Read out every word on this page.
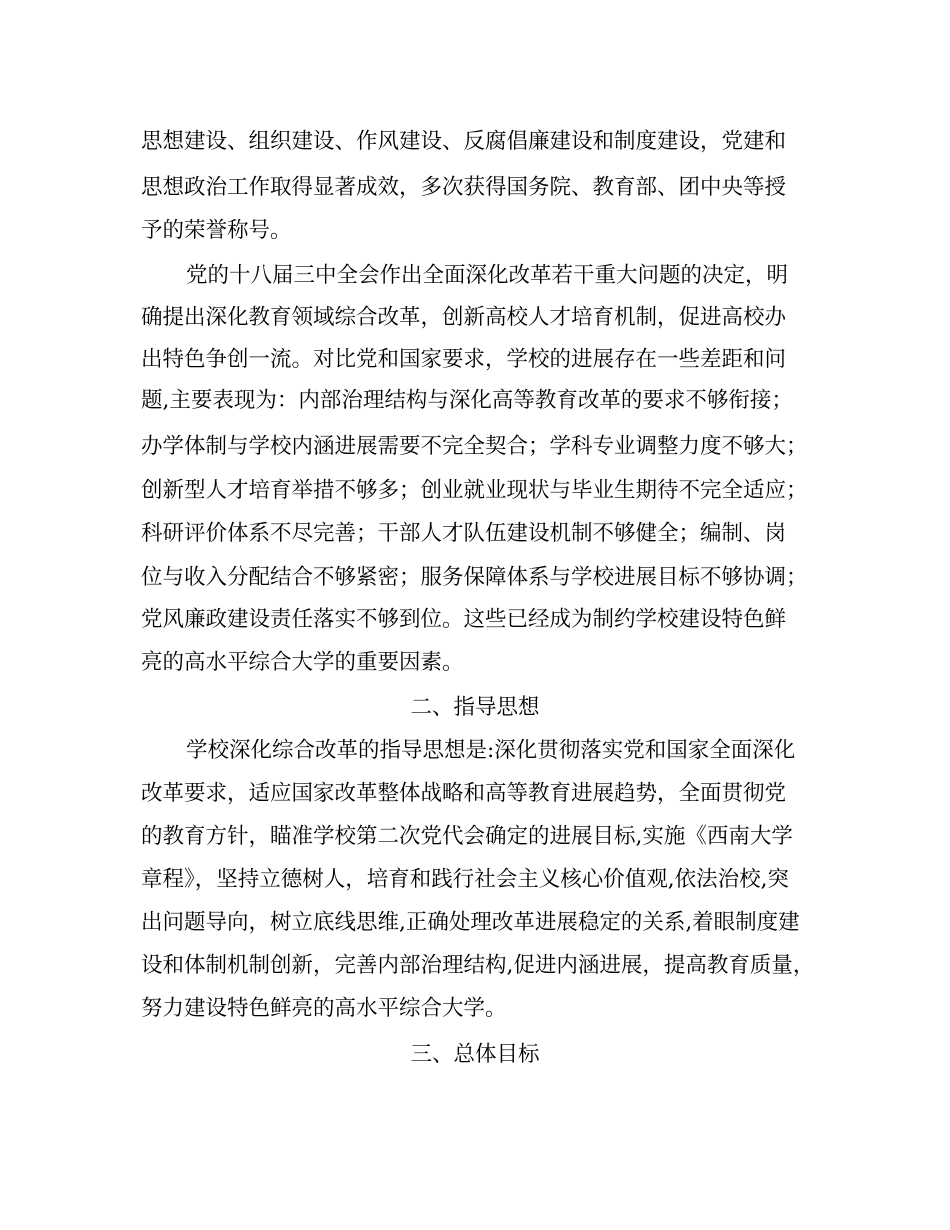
思想建设、组织建设、作风建设、反腐倡廉建设和制度建设，党建和
思想政治工作取得显著成效，多次获得国务院、教育部、团中央等授
予的荣誉称号。
党的十八届三中全会作出全面深化改革若干重大问题的决定，明
确提出深化教育领域综合改革，创新高校人才培育机制，促进高校办
出特色争创一流。对比党和国家要求，学校的进展存在一些差距和问
题,主要表现为：内部治理结构与深化高等教育改革的要求不够衔接；
办学体制与学校内涵进展需要不完全契合；学科专业调整力度不够大；
创新型人才培育举措不够多；创业就业现状与毕业生期待不完全适应；
科研评价体系不尽完善；干部人才队伍建设机制不够健全；编制、岗
位与收入分配结合不够紧密；服务保障体系与学校进展目标不够协调；
党风廉政建设责任落实不够到位。这些已经成为制约学校建设特色鲜
亮的高水平综合大学的重要因素。
二、指导思想
学校深化综合改革的指导思想是:深化贯彻落实党和国家全面深化
改革要求，适应国家改革整体战略和高等教育进展趋势，全面贯彻党
的教育方针，瞄准学校第二次党代会确定的进展目标,实施《西南大学
章程》，坚持立德树人，培育和践行社会主义核心价值观,依法治校,突
出问题导向，树立底线思维,正确处理改革进展稳定的关系,着眼制度建
设和体制机制创新，完善内部治理结构,促进内涵进展，提高教育质量，
努力建设特色鲜亮的高水平综合大学。
三、总体目标
